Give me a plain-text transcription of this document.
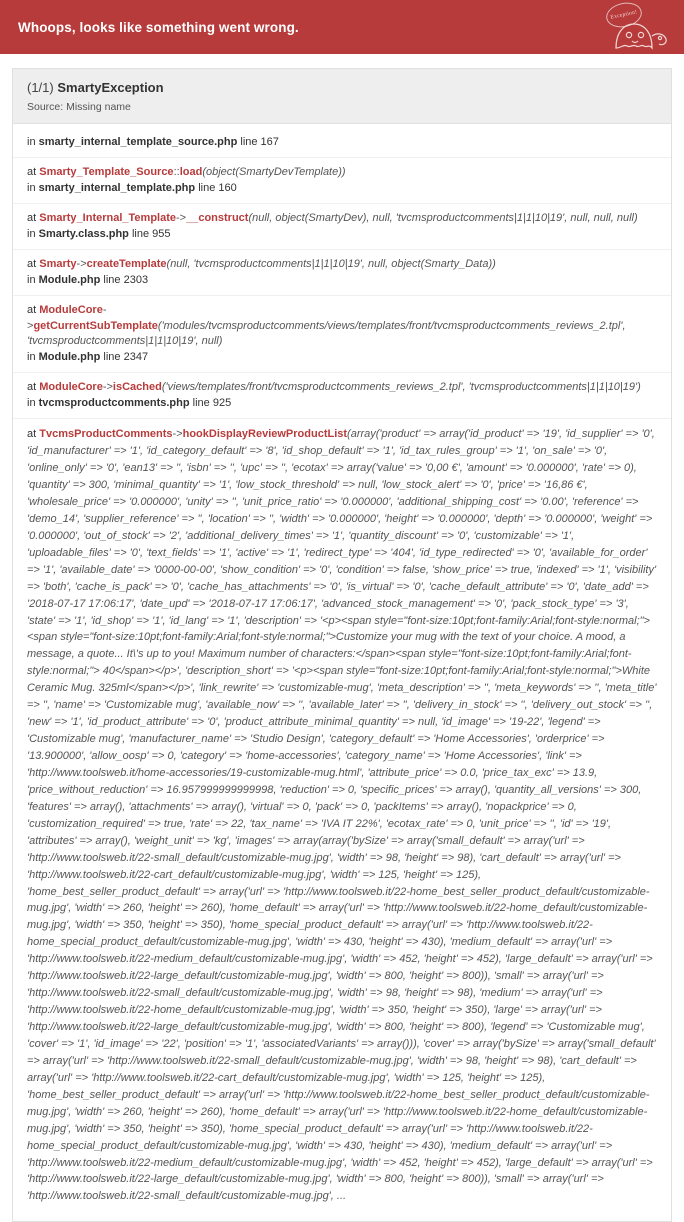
Whoops, looks like something went wrong.
Exception!
(1/1) SmartyException
Source: Missing name
in smarty_internal_template_source.php line 167
at Smarty_Template_Source::load(object(SmartyDevTemplate))
in smarty_internal_template.php line 160
at Smarty_Internal_Template->__construct(null, object(SmartyDev), null, 'tvcmsproductcomments|1|1|10|19', null, null, null)
in Smarty.class.php line 955
at Smarty->createTemplate(null, 'tvcmsproductcomments|1|1|10|19', null, object(Smarty_Data))
in Module.php line 2303
at ModuleCore->getCurrentSubTemplate('modules/tvcmsproductcomments/views/templates/front/tvcmsproductcomments_reviews_2.tpl', 'tvcmsproductcomments|1|1|10|19', null)
in Module.php line 2347
at ModuleCore->isCached('views/templates/front/tvcmsproductcomments_reviews_2.tpl', 'tvcmsproductcomments|1|1|10|19')
in tvcmsproductcomments.php line 925
at TvcmsProductComments->hookDisplayReviewProductList(array('product' => array('id_product' => '19', 'id_supplier' => '0', 'id_manufacturer' => '1', 'id_category_default' => '8', 'id_shop_default' => '1', 'id_tax_rules_group' => '1', 'on_sale' => '0', 'online_only' => '0', 'ean13' => '', 'isbn' => '', 'upc' => '', 'ecotax' => array('value' => '0,00 €', 'amount' => '0.000000', 'rate' => 0), 'quantity' => 300, 'minimal_quantity' => '1', 'low_stock_threshold' => null, 'low_stock_alert' => '0', 'price' => '16,86 €', 'wholesale_price' => '0.000000', 'unity' => '', 'unit_price_ratio' => '0.000000', 'additional_shipping_cost' => '0.00', 'reference' => 'demo_14', 'supplier_reference' => '', 'location' => '', 'width' => '0.000000', 'height' => '0.000000', 'depth' => '0.000000', 'weight' => '0.000000', 'out_of_stock' => '2', 'additional_delivery_times' => '1', 'quantity_discount' => '0', 'customizable' => '1', 'uploadable_files' => '0', 'text_fields' => '1', 'active' => '1', 'redirect_type' => '404', 'id_type_redirected' => '0', 'available_for_order' => '1', 'available_date' => '0000-00-00', 'show_condition' => '0', 'condition' => false, 'show_price' => true, 'indexed' => '1', 'visibility' => 'both', 'cache_is_pack' => '0', 'cache_has_attachments' => '0', 'is_virtual' => '0', 'cache_default_attribute' => '0', 'date_add' => '2018-07-17 17:06:17', 'date_upd' => '2018-07-17 17:06:17', 'advanced_stock_management' => '0', 'pack_stock_type' => '3', 'state' => '1', 'id_shop' => '1', 'id_lang' => '1', 'description' => '<p><span style="font-size:10pt;font-family:Arial;font-style:normal;"><span style="font-size:10pt;font-family:Arial;font-style:normal;">Customize your mug with the text of your choice. A mood, a message, a quote... It\'s up to you! Maximum number of characters:</span><span style="font-size:10pt;font-family:Arial;font-style:normal;"> 40</span></p>', 'description_short' => '<p><span style="font-size:10pt;font-family:Arial;font-style:normal;">White Ceramic Mug. 325ml</span></p>', 'link_rewrite' => 'customizable-mug', 'meta_description' => '', 'meta_keywords' => '', 'meta_title' => '', 'name' => 'Customizable mug', 'available_now' => '', 'available_later' => '', 'delivery_in_stock' => '', 'delivery_out_stock' => '', 'new' => '1', 'id_product_attribute' => '0', 'product_attribute_minimal_quantity' => null, 'id_image' => '19-22', 'legend' => 'Customizable mug', 'manufacturer_name' => 'Studio Design', 'category_default' => 'Home Accessories', 'orderprice' => '13.900000', 'allow_oosp' => 0, 'category' => 'home-accessories', 'category_name' => 'Home Accessories', 'link' => 'http://www.toolsweb.it/home-accessories/19-customizable-mug.html', 'attribute_price' => 0.0, 'price_tax_exc' => 13.9, 'price_without_reduction' => 16.957999999999998, 'reduction' => 0, 'specific_prices' => array(), 'quantity_all_versions' => 300, 'features' => array(), 'attachments' => array(), 'virtual' => 0, 'pack' => 0, 'packItems' => array(), 'nopackprice' => 0, 'customization_required' => true, 'rate' => 22, 'tax_name' => 'IVA IT 22%', 'ecotax_rate' => 0, 'unit_price' => '', 'id' => '19', 'attributes' => array(), 'weight_unit' => 'kg', 'images' => array(array('bySize' => array('small_default' => array('url' => 'http://www.toolsweb.it/22-small_default/customizable-mug.jpg', 'width' => 98, 'height' => 98), 'cart_default' => array('url' => 'http://www.toolsweb.it/22-cart_default/customizable-mug.jpg', 'width' => 125, 'height' => 125), 'home_best_seller_product_default' => array('url' => 'http://www.toolsweb.it/22-home_best_seller_product_default/customizable-mug.jpg', 'width' => 260, 'height' => 260), 'home_default' => array('url' => 'http://www.toolsweb.it/22-home_default/customizable-mug.jpg', 'width' => 350, 'height' => 350), 'home_special_product_default' => array('url' => 'http://www.toolsweb.it/22-home_special_product_default/customizable-mug.jpg', 'width' => 430, 'height' => 430), 'medium_default' => array('url' => 'http://www.toolsweb.it/22-medium_default/customizable-mug.jpg', 'width' => 452, 'height' => 452), 'large_default' => array('url' => 'http://www.toolsweb.it/22-large_default/customizable-mug.jpg', 'width' => 800, 'height' => 800)), 'small' => array('url' => 'http://www.toolsweb.it/22-small_default/customizable-mug.jpg', 'width' => 98, 'height' => 98), 'medium' => array('url' => 'http://www.toolsweb.it/22-home_default/customizable-mug.jpg', 'width' => 350, 'height' => 350), 'large' => array('url' => 'http://www.toolsweb.it/22-large_default/customizable-mug.jpg', 'width' => 800, 'height' => 800), 'legend' => 'Customizable mug', 'cover' => '1', 'id_image' => '22', 'position' => '1', 'associatedVariants' => array())), 'cover' => array('bySize' => array('small_default' => array('url' => 'http://www.toolsweb.it/22-small_default/customizable-mug.jpg', 'width' => 98, 'height' => 98), 'cart_default' => array('url' => 'http://www.toolsweb.it/22-cart_default/customizable-mug.jpg', 'width' => 125, 'height' => 125), 'home_best_seller_product_default' => array('url' => 'http://www.toolsweb.it/22-home_best_seller_product_default/customizable-mug.jpg', 'width' => 260, 'height' => 260), 'home_default' => array('url' => 'http://www.toolsweb.it/22-home_default/customizable-mug.jpg', 'width' => 350, 'height' => 350), 'home_special_product_default' => array('url' => 'http://www.toolsweb.it/22-home_special_product_default/customizable-mug.jpg', 'width' => 430, 'height' => 430), 'medium_default' => array('url' => 'http://www.toolsweb.it/22-medium_default/customizable-mug.jpg', 'width' => 452, 'height' => 452), 'large_default' => array('url' => 'http://www.toolsweb.it/22-large_default/customizable-mug.jpg', 'width' => 800, 'height' => 800)), 'small' => array('url' => 'http://www.toolsweb.it/22-small_default/customizable-mug.jpg', ...
